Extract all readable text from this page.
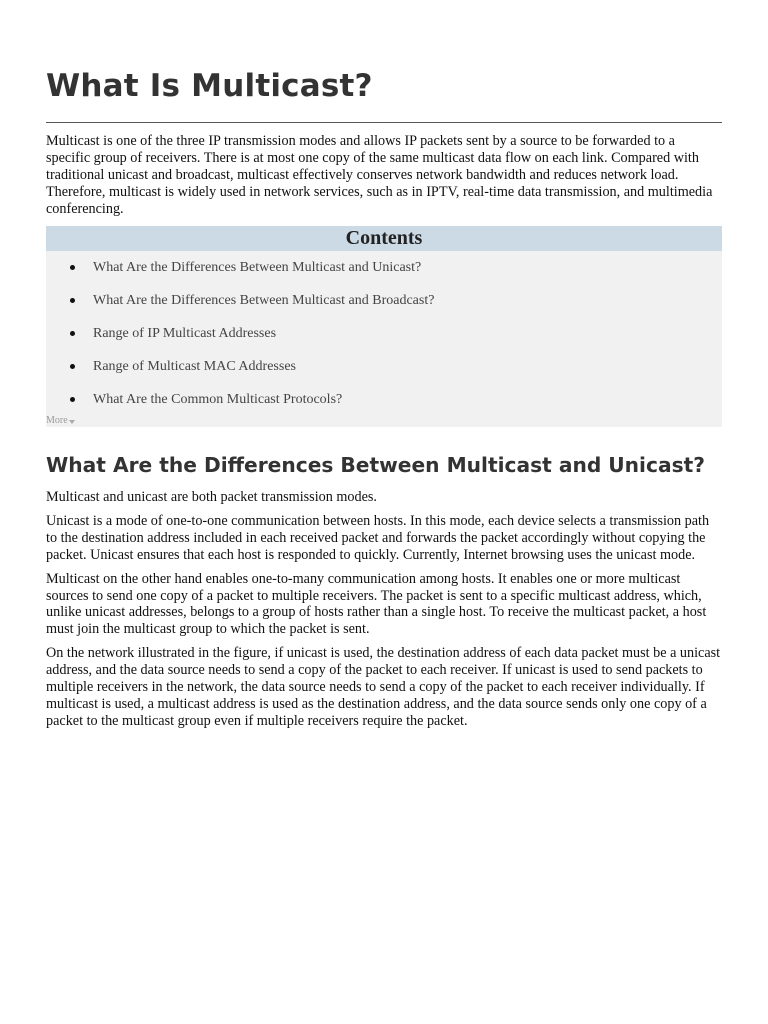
What Is Multicast?

Multicast is one of the three IP transmission modes and allows IP packets sent by a source to be forwarded to a specific group of receivers. There is at most one copy of the same multicast data flow on each link. Compared with traditional unicast and broadcast, multicast effectively conserves network bandwidth and reduces network load. Therefore, multicast is widely used in network services, such as in IPTV, real-time data transmission, and multimedia conferencing.

Contents
What Are the Differences Between Multicast and Unicast?
What Are the Differences Between Multicast and Broadcast?
Range of IP Multicast Addresses
Range of Multicast MAC Addresses
What Are the Common Multicast Protocols?
More
What Are the Differences Between Multicast and Unicast?

Multicast and unicast are both packet transmission modes.

Unicast is a mode of one-to-one communication between hosts. In this mode, each device selects a transmission path to the destination address included in each received packet and forwards the packet accordingly without copying the packet. Unicast ensures that each host is responded to quickly. Currently, Internet browsing uses the unicast mode.

Multicast on the other hand enables one-to-many communication among hosts. It enables one or more multicast sources to send one copy of a packet to multiple receivers. The packet is sent to a specific multicast address, which, unlike unicast addresses, belongs to a group of hosts rather than a single host. To receive the multicast packet, a host must join the multicast group to which the packet is sent.

On the network illustrated in the figure, if unicast is used, the destination address of each data packet must be a unicast address, and the data source needs to send a copy of the packet to each receiver. If unicast is used to send packets to multiple receivers in the network, the data source needs to send a copy of the packet to each receiver individually. If multicast is used, a multicast address is used as the destination address, and the data source sends only one copy of a packet to the multicast group even if multiple receivers require the packet.
